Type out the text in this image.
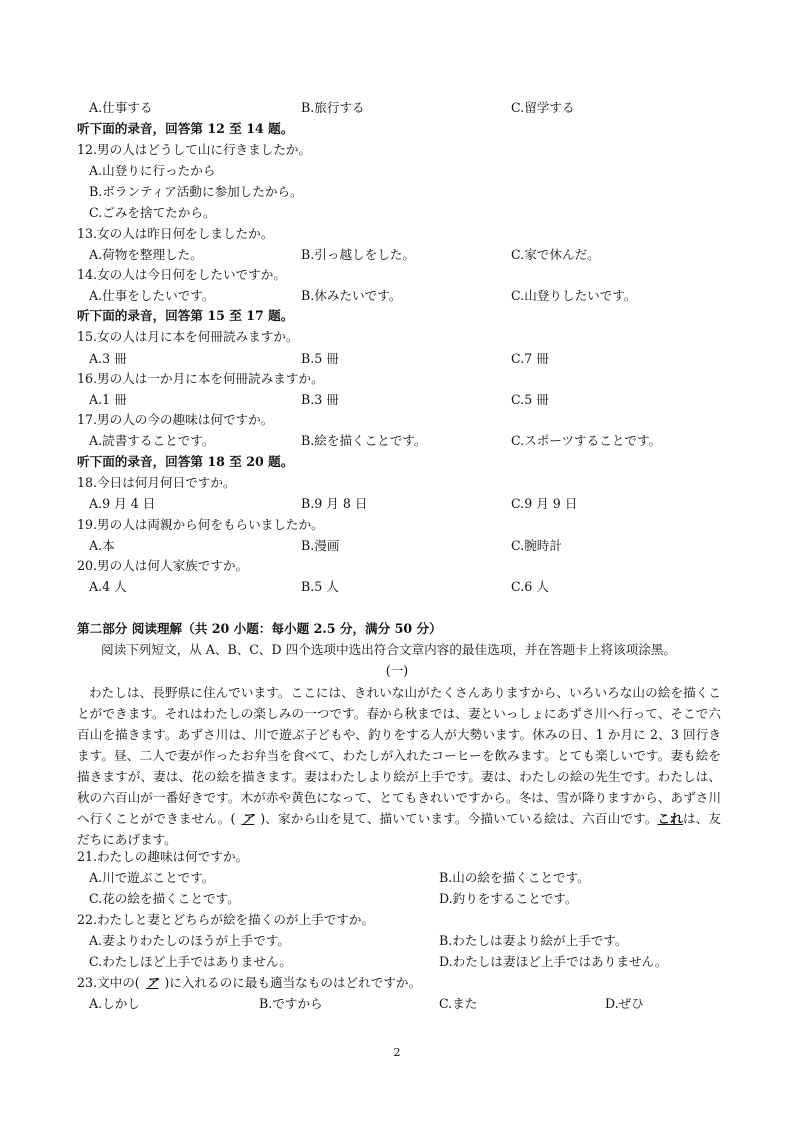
A.仕事する	B.旅行する	C.留学する
听下面的录音，回答第 12 至 14 题。
12.男の人はどうして山に行きましたか。
A.山登りに行ったから
B.ボランティア活動に参加したから。
C.ごみを捨てたから。
13.女の人は昨日何をしましたか。
A.荷物を整理した。	B.引っ越しをした。	C.家で休んだ。
14.女の人は今日何をしたいですか。
A.仕事をしたいです。	B.休みたいです。	C.山登りしたいです。
听下面的录音，回答第 15 至 17 题。
15.女の人は月に本を何冊読みますか。
A.3 冊	B.5 冊	C.7 冊
16.男の人は一か月に本を何冊読みますか。
A.1 冊	B.3 冊	C.5 冊
17.男の人の今の趣味は何ですか。
A.読書することです。	B.絵を描くことです。	C.スポーツすることです。
听下面的录音，回答第 18 至 20 题。
18.今日は何月何日ですか。
A.9 月 4 日	B.9 月 8 日	C.9 月 9 日
19.男の人は両親から何をもらいましたか。
A.本	B.漫画	C.腕時計
20.男の人は何人家族ですか。
A.4 人	B.5 人	C.6 人
第二部分 阅读理解（共 20 小题：每小题 2.5 分，满分 50 分）
阅读下列短文，从 A、B、C、D 四个选项中选出符合文章内容的最佳选项，并在答题卡上将该项涂黑。
(一)
わたしは、長野県に住んでいます。ここには、きれいな山がたくさんありますから、いろいろな山の絵を描くことができます。それはわたしの楽しみの一つです。春から秋までは、妻といっしょにあずさ川へ行って、そこで六百山を描きます。あずさ川は、川で遊ぶ子どもや、釣りをする人が大勢います。休みの日、1 か月に 2、3 回行きます。昼、二人で妻が作ったお弁当を食べて、わたしが入れたコーヒーを飲みます。とても楽しいです。妻も絵を描きますが、妻は、花の絵を描きます。妻はわたしより絵が上手です。妻は、わたしの絵の先生です。わたしは、秋の六百山が一番好きです。木が赤や黄色になって、とてもきれいですから。冬は、雪が降りますから、あずさ川へ行くことができません。( ア )、家から山を見て、描いています。今描いている絵は、六百山です。これは、友だちにあげます。
21.わたしの趣味は何ですか。
A.川で遊ぶことです。	B.山の絵を描くことです。
C.花の絵を描くことです。	D.釣りをすることです。
22.わたしと妻とどちらが絵を描くのが上手ですか。
A.妻よりわたしのほうが上手です。	B.わたしは妻より絵が上手です。
C.わたしほど上手ではありません。	D.わたしは妻ほど上手ではありません。
23.文中の( ア )に入れるのに最も適当なものはどれですか。
A.しかし	B.ですから	C.また	D.ぜひ
2
